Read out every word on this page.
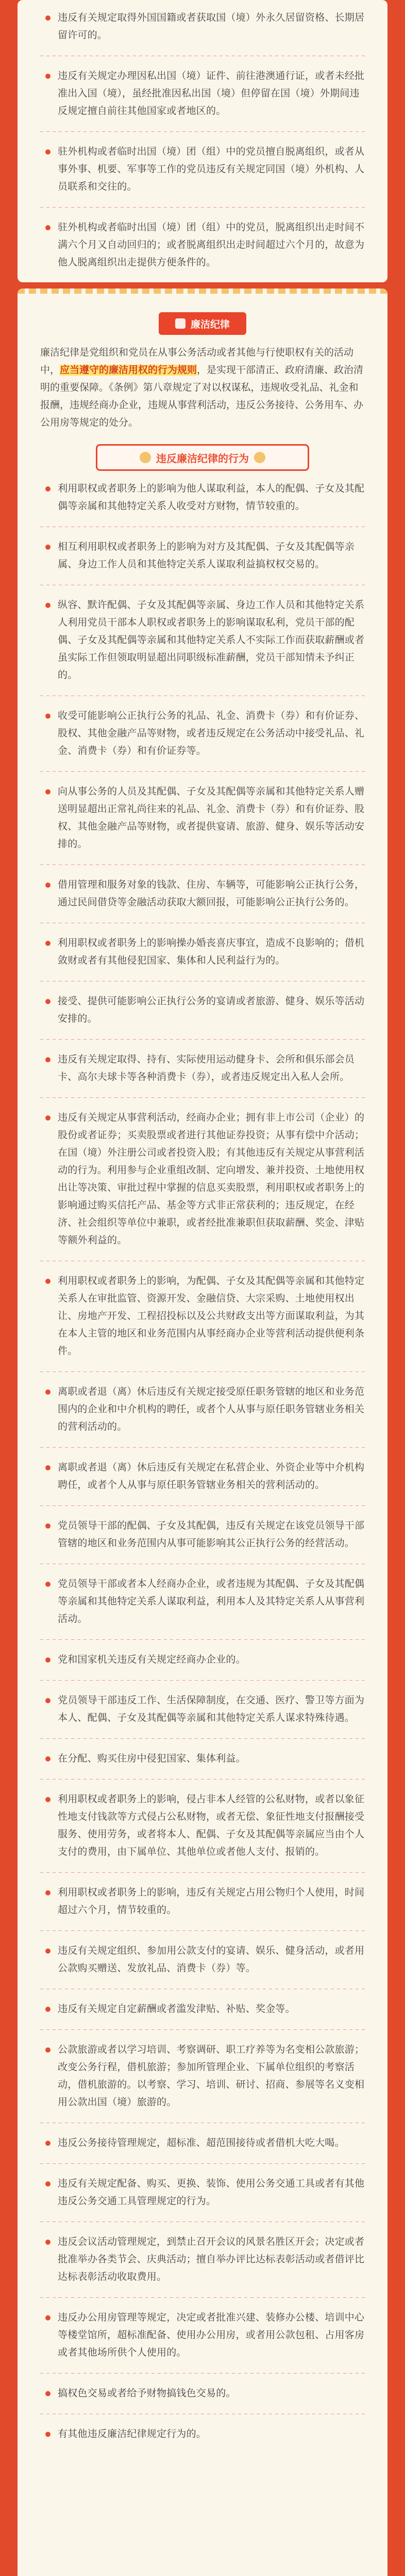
违反有关规定取得外国国籍或者获取国（境）外永久居留资格、长期居留许可的。
违反有关规定办理因私出国（境）证件、前往港澳通行证，或者未经批准出入国（境），虽经批准因私出国（境）但停留在国（境）外期间违反规定擅自前往其他国家或者地区的。
驻外机构或者临时出国（境）团（组）中的党员擅自脱离组织，或者从事外事、机要、军事等工作的党员违反有关规定同国（境）外机构、人员联系和交往的。
驻外机构或者临时出国（境）团（组）中的党员，脱离组织出走时间不满六个月又自动回归的；或者脱离组织出走时间超过六个月的，故意为他人脱离组织出走提供方便条件的。
廉洁纪律
廉洁纪律是党组织和党员在从事公务活动或者其他与行使职权有关的活动中，应当遵守的廉洁用权的行为规则，是实现干部清正、政府清廉、政治清明的重要保障。《条例》第八章规定了对以权谋私，违规收受礼品、礼金和报酬，违规经商办企业，违规从事营利活动，违反公务接待、公务用车、办公用房等规定的处分。
违反廉洁纪律的行为
利用职权或者职务上的影响为他人谋取利益，本人的配偶、子女及其配偶等亲属和其他特定关系人收受对方财物，情节较重的。
相互利用职权或者职务上的影响为对方及其配偶、子女及其配偶等亲属、身边工作人员和其他特定关系人谋取利益搞权权交易的。
纵容、默许配偶、子女及其配偶等亲属、身边工作人员和其他特定关系人利用党员干部本人职权或者职务上的影响谋取私利，党员干部的配偶、子女及其配偶等亲属和其他特定关系人不实际工作而获取薪酬或者虽实际工作但领取明显超出同职级标准薪酬，党员干部知情未予纠正的。
收受可能影响公正执行公务的礼品、礼金、消费卡（券）和有价证券、股权、其他金融产品等财物，或者违反规定在公务活动中接受礼品、礼金、消费卡（券）和有价证券等。
向从事公务的人员及其配偶、子女及其配偶等亲属和其他特定关系人赠送明显超出正常礼尚往来的礼品、礼金、消费卡（券）和有价证券、股权、其他金融产品等财物，或者提供宴请、旅游、健身、娱乐等活动安排的。
借用管理和服务对象的钱款、住房、车辆等，可能影响公正执行公务，通过民间借贷等金融活动获取大额回报，可能影响公正执行公务的。
利用职权或者职务上的影响操办婚丧喜庆事宜，造成不良影响的；借机敛财或者有其他侵犯国家、集体和人民利益行为的。
接受、提供可能影响公正执行公务的宴请或者旅游、健身、娱乐等活动安排的。
违反有关规定取得、持有、实际使用运动健身卡、会所和俱乐部会员卡、高尔夫球卡等各种消费卡（券），或者违反规定出入私人会所。
违反有关规定从事营利活动，经商办企业；拥有非上市公司（企业）的股份或者证券；买卖股票或者进行其他证券投资；从事有偿中介活动；在国（境）外注册公司或者投资入股；有其他违反有关规定从事营利活动的行为。利用参与企业重组改制、定向增发、兼并投资、土地使用权出让等决策、审批过程中掌握的信息买卖股票，利用职权或者职务上的影响通过购买信托产品、基金等方式非正常获利的；违反规定，在经济、社会组织等单位中兼职，或者经批准兼职但获取薪酬、奖金、津贴等额外利益的。
利用职权或者职务上的影响，为配偶、子女及其配偶等亲属和其他特定关系人在审批监管、资源开发、金融信贷、大宗采购、土地使用权出让、房地产开发、工程招投标以及公共财政支出等方面谋取利益，为其在本人主管的地区和业务范围内从事经商办企业等营利活动提供便利条件。
离职或者退（离）休后违反有关规定接受原任职务管辖的地区和业务范围内的企业和中介机构的聘任，或者个人从事与原任职务管辖业务相关的营利活动的。
离职或者退（离）休后违反有关规定在私营企业、外资企业等中介机构聘任，或者个人从事与原任职务管辖业务相关的营利活动的。
党员领导干部的配偶、子女及其配偶，违反有关规定在该党员领导干部管辖的地区和业务范围内从事可能影响其公正执行公务的经营活动。
党员领导干部或者本人经商办企业，或者违规为其配偶、子女及其配偶等亲属和其他特定关系人谋取利益，利用本人及其特定关系人从事营利活动。
党和国家机关违反有关规定经商办企业的。
党员领导干部违反工作、生活保障制度，在交通、医疗、警卫等方面为本人、配偶、子女及其配偶等亲属和其他特定关系人谋求特殊待遇。
在分配、购买住房中侵犯国家、集体利益。
利用职权或者职务上的影响，侵占非本人经管的公私财物，或者以象征性地支付钱款等方式侵占公私财物，或者无偿、象征性地支付报酬接受服务、使用劳务，或者将本人、配偶、子女及其配偶等亲属应当由个人支付的费用，由下属单位、其他单位或者他人支付、报销的。
利用职权或者职务上的影响，违反有关规定占用公物归个人使用，时间超过六个月，情节较重的。
违反有关规定组织、参加用公款支付的宴请、娱乐、健身活动，或者用公款购买赠送、发放礼品、消费卡（券）等。
违反有关规定自定薪酬或者滥发津贴、补贴、奖金等。
公款旅游或者以学习培训、考察调研、职工疗养等为名变相公款旅游；改变公务行程，借机旅游；参加所管理企业、下属单位组织的考察活动，借机旅游的。以考察、学习、培训、研讨、招商、参展等名义变相用公款出国（境）旅游的。
违反公务接待管理规定，超标准、超范围接待或者借机大吃大喝。
违反有关规定配备、购买、更换、装饰、使用公务交通工具或者有其他违反公务交通工具管理规定的行为。
违反会议活动管理规定，到禁止召开会议的风景名胜区开会；决定或者批准举办各类节会、庆典活动；擅自举办评比达标表彰活动或者借评比达标表彰活动收取费用。
违反办公用房管理等规定，决定或者批准兴建、装修办公楼、培训中心等楼堂馆所，超标准配备、使用办公用房，或者用公款包租、占用客房或者其他场所供个人使用的。
搞权色交易或者给予财物搞钱色交易的。
有其他违反廉洁纪律规定行为的。
